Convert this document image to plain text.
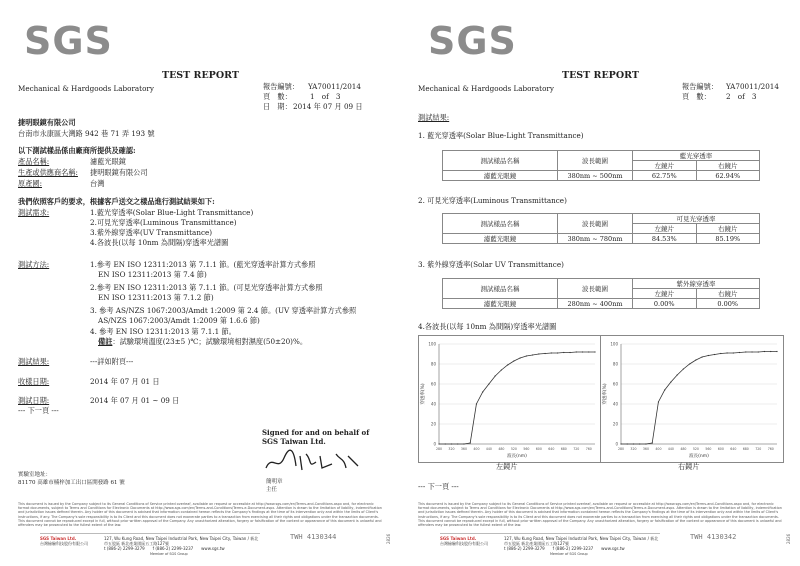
SGS
Mechanical & Hardgoods Laboratory
TEST REPORT
報告編號： YA70011/2014
頁　數：	1　of　3
日　期： 2014 年 07 月 09 日
捷明眼鏡有限公司
台南市永康區大灣路 942 巷 71 弄 193 號
以下測試樣品係由廠商所提供及確認:
產品名稱:	濾藍光眼鏡
生產或供應商名稱: 捷明眼鏡有限公司
原產國:	台灣
我們依照客戶的要求，根據客戶送交之樣品進行測試結果如下:
測試需求:	1.藍光穿透率(Solar Blue-Light Transmittance)
2.可見光穿透率(Luminous Transmittance)
3.紫外線穿透率(UV Transmittance)
4.各波長(以每 10nm 為間隔)穿透率光譜圖
測試方法:	1.參考 EN ISO 12311:2013 第 7.1.1 節。(藍光穿透率計算方式參照
EN ISO 12311:2013 第 7.4 節)
2.參考 EN ISO 12311:2013 第 7.1.1 節。(可見光穿透率計算方式參照
EN ISO 12311:2013 第 7.1.2 節)
3. 參考 AS/NZS 1067:2003/Amdt 1:2009 第 2.4 節。(UV 穿透率計算方式參照
AS/NZS 1067:2003/Amdt 1:2009 第 1.6.6 節)
4. 參考 EN ISO 12311:2013 第 7.1.1 節。
備註：試驗環境溫度(23±5 )℃；試驗環境相對濕度(50±20)%。
測試結果:	---詳如附頁---
收樣日期:	2014 年 07 月 01 日
測試日期:	2014 年 07 月 01 ~ 09 日
--- 下一頁 ---
Signed for and on behalf of
SGS Taiwan Ltd.
簡明章
主任
實驗室地址：
81170 高雄市楠梓加工出口區開發路 61 號
This document is issued by the Company subject to its General Conditions of Service printed overleaf, available on request or accessible at http://www.sgs.com/en/Terms-and-Conditions.aspx and, for electronic format documents, subject to Terms and Conditions for Electronic Documents at http://www.sgs.com/en/Terms-and-Conditions/Terms-e-Document.aspx. Attention is drawn to the limitation of liability, indemnification and jurisdiction issues defined therein. Any holder of this document is advised that information contained hereon reflects the Company's findings at the time of its intervention only and within the limits of Client's instructions, if any. The Company's sole responsibility is to its Client and this document does not exonerate parties to a transaction from exercising all their rights and obligations under the transaction documents. This document cannot be reproduced except in full, without prior written approval of the Company. Any unauthorized alteration, forgery or falsification of the content or appearance of this document is unlawful and offenders may be prosecuted to the fullest extent of the law.
SGS Taiwan Ltd.
台灣檢驗科技股份有限公司
127, Wu Kung Road, New Taipei Industrial Park, New Taipei City, Taiwan / 新北市五股區 新北產業園區五工路127號
t (886-2) 2299-3279　　f (886-2) 2299-3237　　www.sgs.tw
Member of SGS Group
TWH 4130344	2826
SGS
Mechanical & Hardgoods Laboratory
TEST REPORT
報告編號： YA70011/2014
頁　數： 2　of　3
測試結果:
1. 藍光穿透率(Solar Blue-Light Transmittance)
測試樣品名稱	波長範圍	藍光穿透率	
		左鏡片	右鏡片
濾藍光眼鏡	380nm ~ 500nm	62.75%	62.94%
2. 可見光穿透率(Luminous Transmittance)
測試樣品名稱	波長範圍	可見光穿透率	
		左鏡片	右鏡片
濾藍光眼鏡	380nm ~ 780nm	84.53%	85.19%
3. 紫外線穿透率(Solar UV Transmittance)
測試樣品名稱	波長範圍	紫外線穿透率	
		左鏡片	右鏡片
濾藍光眼鏡	280nm ~ 400nm	0.00%	0.00%
4.各波長(以每 10nm 為間隔)穿透率光譜圖
0
20
40
60
80
100
280 320 360 400 440 480 520 560 600 640 680 720 760
波長(nm)
穿透率(%)
0
20
40
60
80
100
280 320 360 400 440 480 520 560 600 640 680 720 760
波長(nm)
穿透率(%)
左鏡片	右鏡片
--- 下一頁 ---
This document is issued by the Company subject to its General Conditions of Service printed overleaf, available on request or accessible at http://www.sgs.com/en/Terms-and-Conditions.aspx and, for electronic format documents, subject to Terms and Conditions for Electronic Documents at http://www.sgs.com/en/Terms-and-Conditions/Terms-e-Document.aspx. Attention is drawn to the limitation of liability, indemnification and jurisdiction issues defined therein. Any holder of this document is advised that information contained hereon reflects the Company's findings at the time of its intervention only and within the limits of Client's instructions, if any. The Company's sole responsibility is to its Client and this document does not exonerate parties to a transaction from exercising all their rights and obligations under the transaction documents. This document cannot be reproduced except in full, without prior written approval of the Company. Any unauthorized alteration, forgery or falsification of the content or appearance of this document is unlawful and offenders may be prosecuted to the fullest extent of the law.
SGS Taiwan Ltd.
台灣檢驗科技股份有限公司
127, Wu Kung Road, New Taipei Industrial Park, New Taipei City, Taiwan / 新北市五股區 新北產業園區五工路127號
t (886-2) 2299-3279　　f (886-2) 2299-3237　　www.sgs.tw
Member of SGS Group
TWH 4130342	2826
